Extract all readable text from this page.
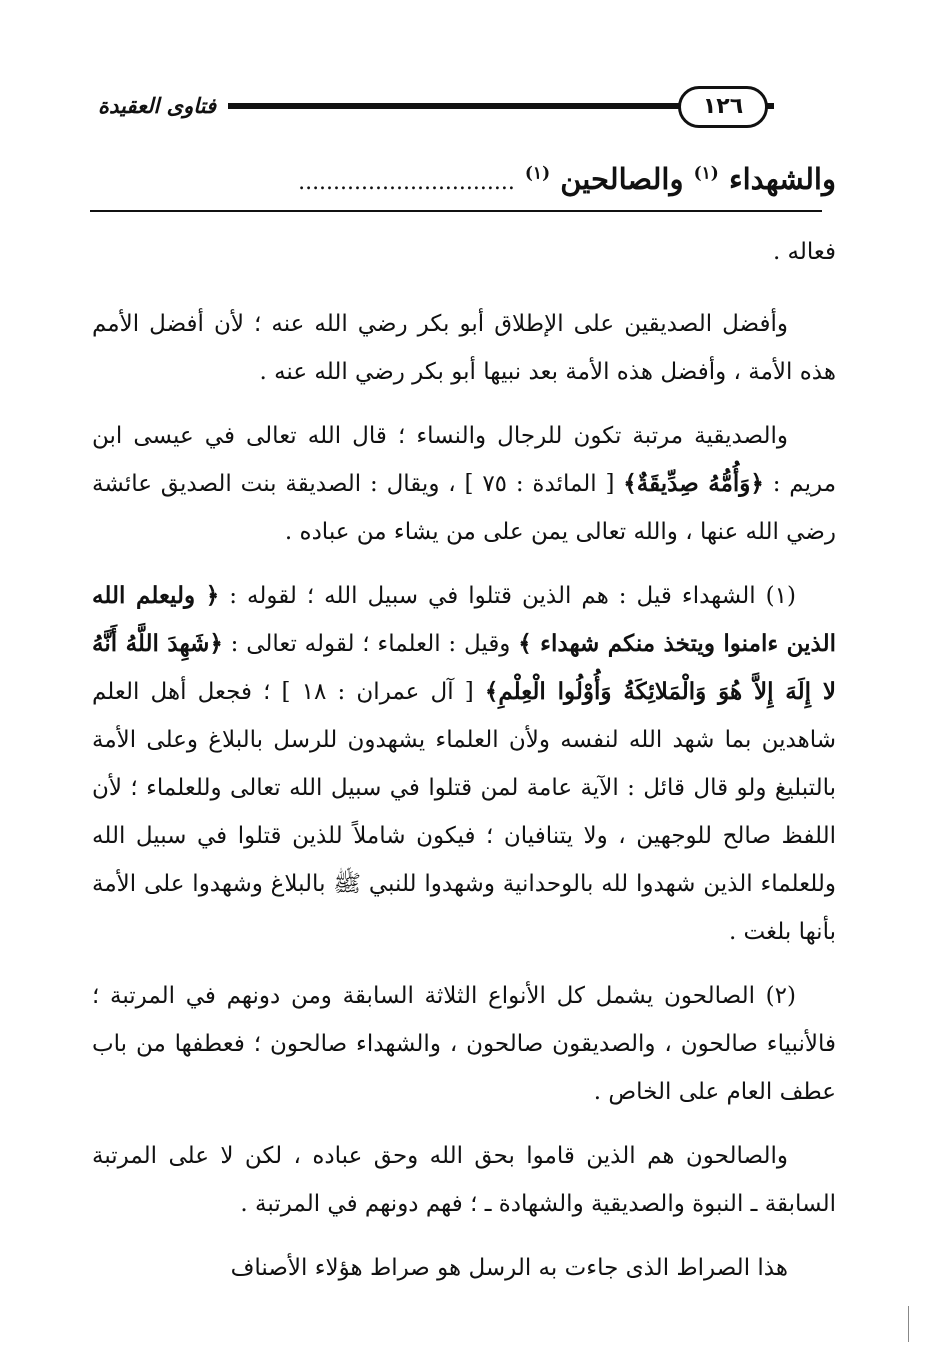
فتاوى العقيدة	١٢٦
والشهداء $^{(١)}$ والصالحين $^{(١)}$...............................

فعاله .

وأفضل الصديقين على الإطلاق أبو بكر رضي الله عنه ؛ لأن أفضل الأمم هذه الأمة ، وأفضل هذه الأمة بعد نبيها أبو بكر رضي الله عنه .

والصديقية مرتبة تكون للرجال والنساء ؛ قال الله تعالى في عيسى ابن مريم : ﴿وَأُمُّهُ صِدِّيقَةٌ﴾ [ المائدة : ٧٥ ] ، ويقال : الصديقة بنت الصديق عائشة رضي الله عنها ، والله تعالى يمن على من يشاء من عباده .

(١) الشهداء قيل : هم الذين قتلوا في سبيل الله ؛ لقوله : ﴿ وليعلم الله الذين ءامنوا ويتخذ منكم شهداء ﴾ وقيل : العلماء ؛ لقوله تعالى : ﴿شَهِدَ اللَّهُ أَنَّهُ لا إِلَهَ إِلاَّ هُوَ وَالْمَلائِكَةُ وَأُوْلُوا الْعِلْمِ﴾ [ آل عمران : ١٨ ] ؛ فجعل أهل العلم شاهدين بما شهد الله لنفسه ولأن العلماء يشهدون للرسل بالبلاغ وعلى الأمة بالتبليغ ولو قال قائل : الآية عامة لمن قتلوا في سبيل الله تعالى وللعلماء ؛ لأن اللفظ صالح للوجهين ، ولا يتنافيان ؛ فيكون شاملاً للذين قتلوا في سبيل الله وللعلماء الذين شهدوا لله بالوحدانية وشهدوا للنبي ﷺ بالبلاغ وشهدوا على الأمة بأنها بلغت .

(٢) الصالحون يشمل كل الأنواع الثلاثة السابقة ومن دونهم في المرتبة ؛ فالأنبياء صالحون ، والصديقون صالحون ، والشهداء صالحون ؛ فعطفها من باب عطف العام على الخاص .

والصالحون هم الذين قاموا بحق الله وحق عباده ، لكن لا على المرتبة السابقة ـ النبوة والصديقية والشهادة ـ ؛ فهم دونهم في المرتبة .

هذا الصراط الذى جاءت به الرسل هو صراط هؤلاء الأصناف
